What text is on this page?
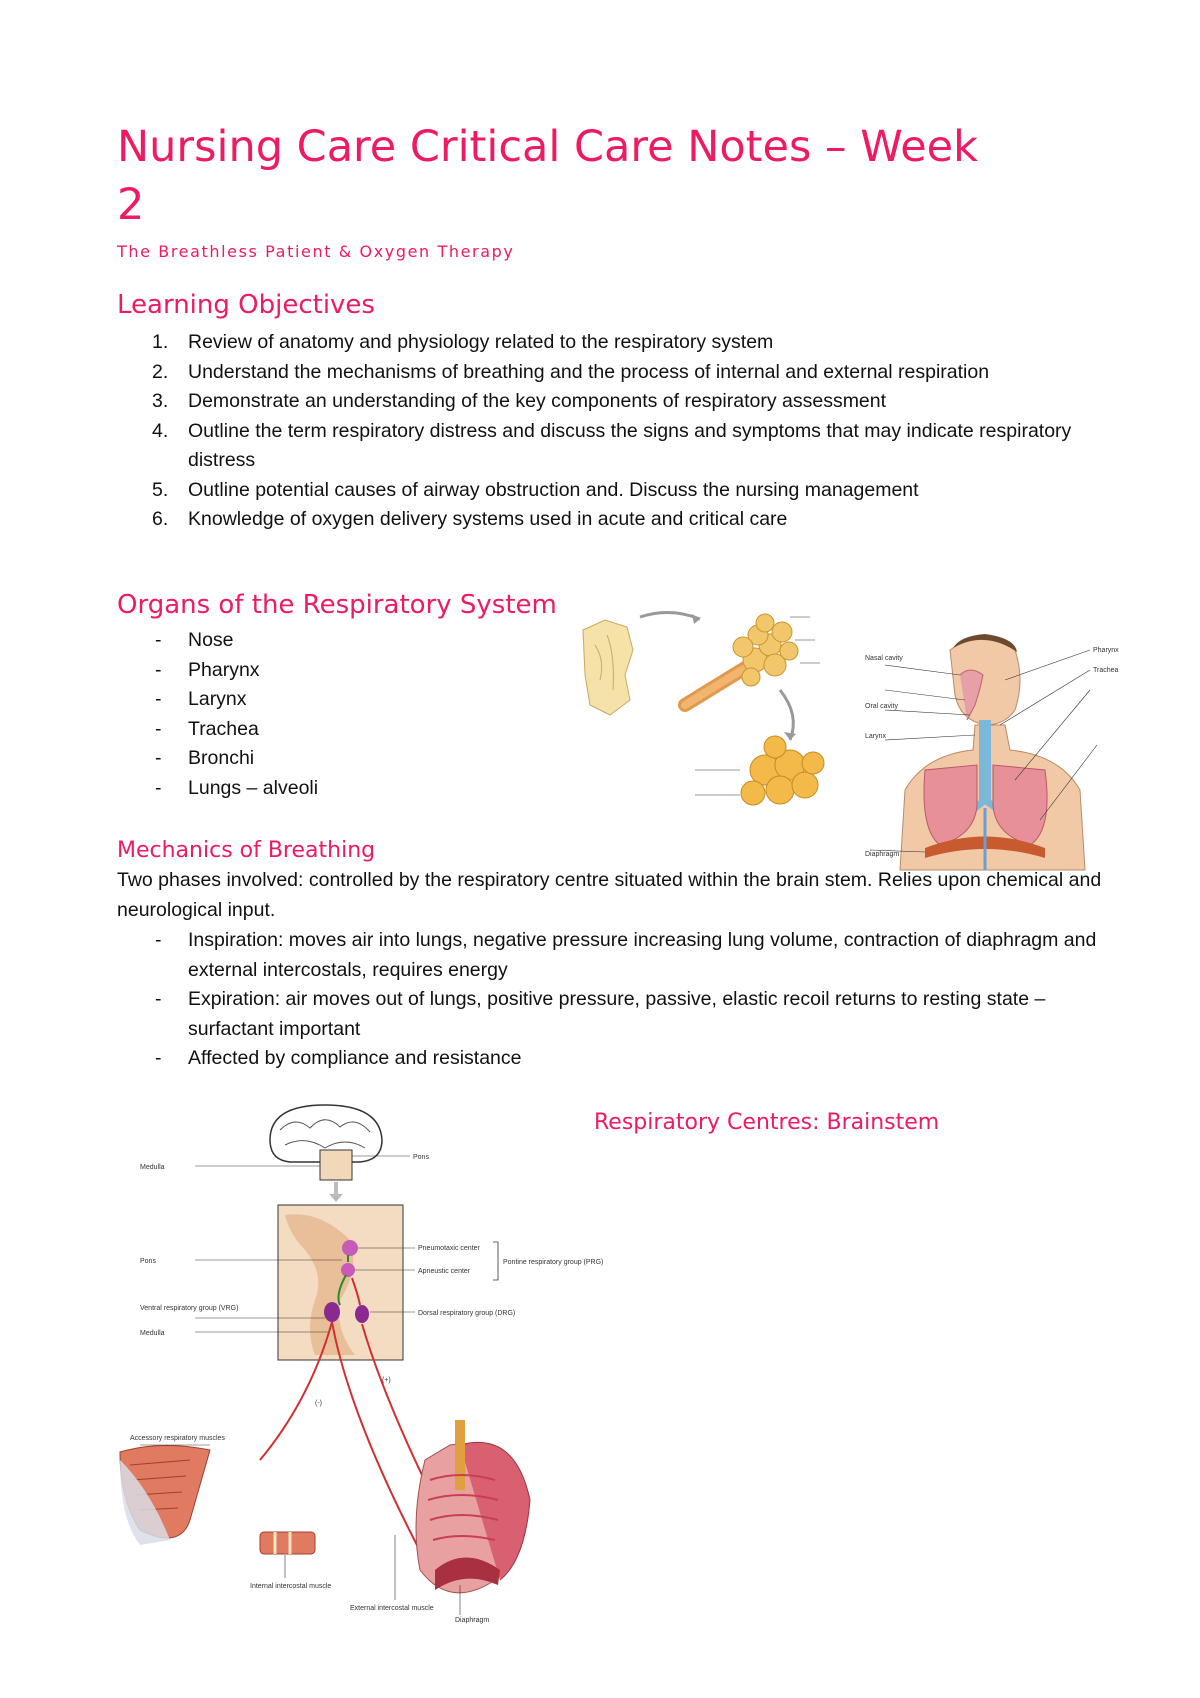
Nursing Care Critical Care Notes – Week 2
The Breathless Patient & Oxygen Therapy
Learning Objectives
1. Review of anatomy and physiology related to the respiratory system
2. Understand the mechanisms of breathing and the process of internal and external respiration
3. Demonstrate an understanding of the key components of respiratory assessment
4. Outline the term respiratory distress and discuss the signs and symptoms that may indicate respiratory distress
5. Outline potential causes of airway obstruction and. Discuss the nursing management
6. Knowledge of oxygen delivery systems used in acute and critical care
Organs of the Respiratory System
- Nose
- Pharynx
- Larynx
- Trachea
- Bronchi
- Lungs – alveoli
Nasal cavity
Oral cavity
Larynx
Pharynx
Trachea
Diaphragm
Mechanics of Breathing

Two phases involved: controlled by the respiratory centre situated within the brain stem. Relies upon chemical and neurological input.

- Inspiration: moves air into lungs, negative pressure increasing lung volume, contraction of diaphragm and external intercostals, requires energy
- Expiration: air moves out of lungs, positive pressure, passive, elastic recoil returns to resting state – surfactant important
- Affected by compliance and resistance
Respiratory Centres: Brainstem
Medulla
Pons
Pneumotaxic center
Apneustic center
Pontine respiratory group (PRG)
Pons
Ventral respiratory group (VRG)
Medulla
Dorsal respiratory group (DRG)
(-)
(+)
Accessory respiratory muscles
Internal intercostal muscle
External intercostal muscle
Diaphragm
